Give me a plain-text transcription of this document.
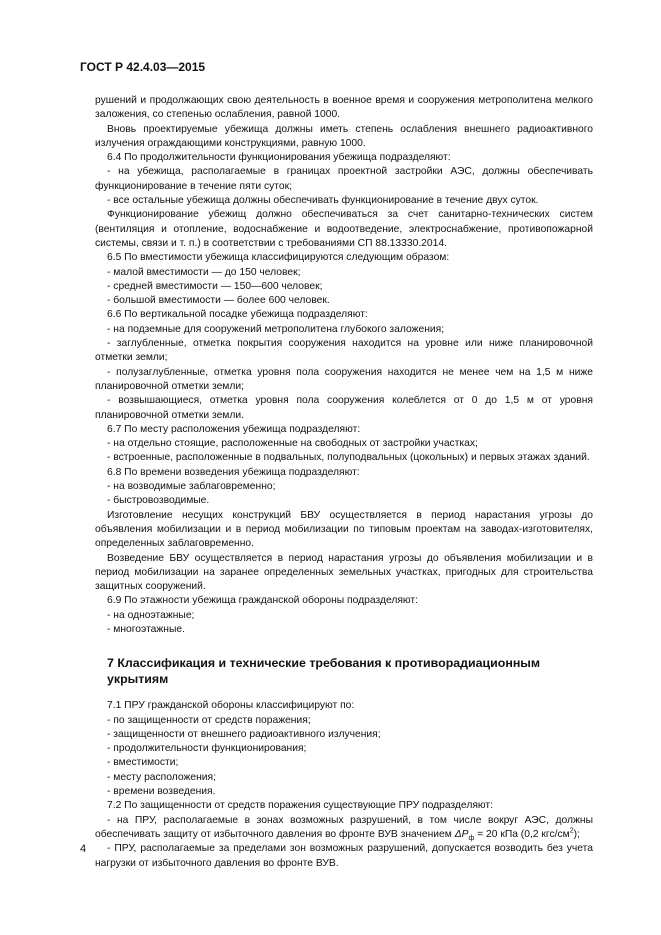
ГОСТ Р 42.4.03—2015

рушений и продолжающих свою деятельность в военное время и сооружения метрополитена мелкого заложения, со степенью ослабления, равной 1000.

Вновь проектируемые убежища должны иметь степень ослабления внешнего радиоактивного излучения ограждающими конструкциями, равную 1000.

6.4 По продолжительности функционирования убежища подразделяют:

- на убежища, располагаемые в границах проектной застройки АЭС, должны обеспечивать функционирование в течение пяти суток;

- все остальные убежища должны обеспечивать функционирование в течение двух суток.

Функционирование убежищ должно обеспечиваться за счет санитарно-технических систем (вентиляция и отопление, водоснабжение и водоотведение, электроснабжение, противопожарной системы, связи и т. п.) в соответствии с требованиями СП 88.13330.2014.

6.5 По вместимости убежища классифицируются следующим образом:

- малой вместимости — до 150 человек;

- средней вместимости — 150—600 человек;

- большой вместимости — более 600 человек.

6.6 По вертикальной посадке убежища подразделяют:

- на подземные для сооружений метрополитена глубокого заложения;

- заглубленные, отметка покрытия сооружения находится на уровне или ниже планировочной отметки земли;

- полузаглубленные, отметка уровня пола сооружения находится не менее чем на 1,5 м ниже планировочной отметки земли;

- возвышающиеся, отметка уровня пола сооружения колеблется от 0 до 1,5 м от уровня планировочной отметки земли.

6.7 По месту расположения убежища подразделяют:

- на отдельно стоящие, расположенные на свободных от застройки участках;

- встроенные, расположенные в подвальных, полуподвальных (цокольных) и первых этажах зданий.

6.8 По времени возведения убежища подразделяют:

- на возводимые заблаговременно;

- быстровозводимые.

Изготовление несущих конструкций БВУ осуществляется в период нарастания угрозы до объявления мобилизации и в период мобилизации по типовым проектам на заводах-изготовителях, определенных заблаговременно.

Возведение БВУ осуществляется в период нарастания угрозы до объявления мобилизации и в период мобилизации на заранее определенных земельных участках, пригодных для строительства защитных сооружений.

6.9 По этажности убежища гражданской обороны подразделяют:

- на одноэтажные;

- многоэтажные.

7 Классификация и технические требования к противорадиационным укрытиям

7.1 ПРУ гражданской обороны классифицируют по:

- по защищенности от средств поражения;

- защищенности от внешнего радиоактивного излучения;

- продолжительности функционирования;

- вместимости;

- месту расположения;

- времени возведения.

7.2 По защищенности от средств поражения существующие ПРУ подразделяют:

- на ПРУ, располагаемые в зонах возможных разрушений, в том числе вокруг АЭС, должны обеспечивать защиту от избыточного давления во фронте ВУВ значением $\Delta P_ф = 20$ кПа (0,2 кгс/$см^2$);

- ПРУ, располагаемые за пределами зон возможных разрушений, допускается возводить без учета нагрузки от избыточного давления во фронте ВУВ.

4
